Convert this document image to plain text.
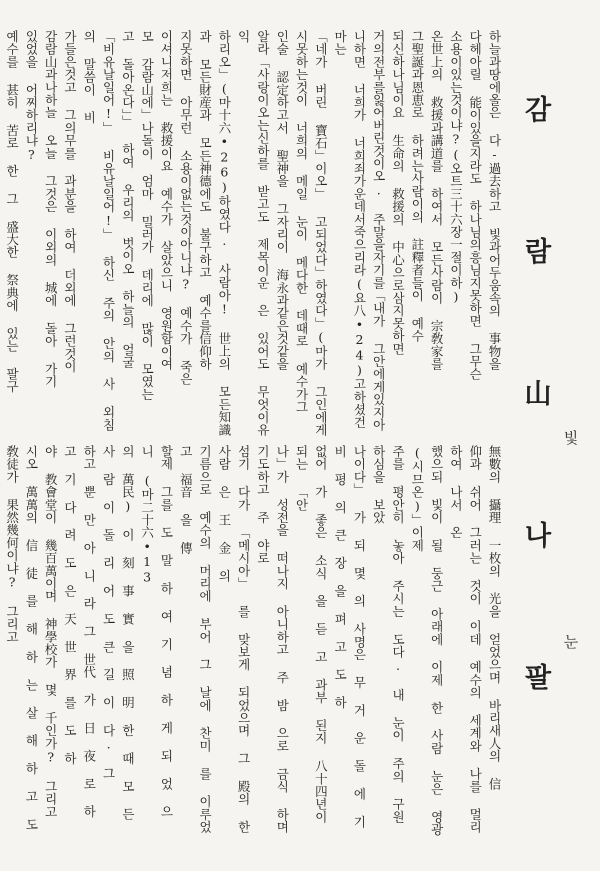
감
람
山
나
팔
빛
눈
하늘과땅에올은 다-過去하고 빛과어두움속의 事物을
다헤아릴 能이있을지라도 하나님의흥님지못하면 그무슨
소용이있는것이냐?(오트三十六장一절이하)
온世上의 救援과講道를 하여서 모든사람이 宗敎家를
그聖誕과恩恵로 하려는사람이의 註釋者들이 예수
되신하나님이요 生命의 救援의 中心으로삼지못하면
거의전부를잃어버린것이오. 주말을자기를「내가 그안에게있지아
니하면 너희가 너희죄가운데서죽으리라(요八•24)고하셨건
마는
「네가 버린 寶石」이오」 고되었다」하였다」(마가 그인에게
시못하는것이 너희의 메일 눈이 메다한 데때로 예수가그
인술 認定하고서 聖神을 그자리이 海永과같은것같을
알라「사랑이오는신하를 받고도 제목이운 은 있어도 무엇이유익
하리오」(마十六•26)하였다. 사람아! 世上의 모든知識
과 모든財産과 모든神德에도 불구하고 예수를信仰하
지못하면 아무런 소용이없는것이아니냐? 예수가 죽은
이셔니저희는 救援이요 예수가 살았으니 영원함이여
모 감람山에」나돌이 엄마 밀러가 데리에 많이 모였는
고 돌아온다」」 하여 우리의 벗이오 하늘의 얼굴
「비유날일어!」 비유날일어!」 하신 주의 안의 사 외침의 말씀이 비
가들은것고 그의무를 과분을 하여 더외에 그런것이
감람山과나하늘 오늘 그것은 이외의 城에 돌아 가기
있었을 어찌하리냐?
예수를 甚히 苦로 한 그 盛大한 祭典에 있는 팔구
無數의 攝理 一枚의 光을 얻었으며 바리새人의 信
仰과 쉬어 그러는 것이 이데 예수의 세계와 나를 멀리 하여 나서 온
했으되 빛이 될 둥근 아래에 이제 한 사람 눈은 영광 (시므온)」이제
주를 평안히 놓아 주시는 도다. 내 눈이 주의 구원 하심을 보았
나이다」 가 되 몇 의 사명은 무 거 운 돌 에 기 비 평 의 큰 장 을 펴 고 도 하
없어 가 좋은 소식 을 듣 고 과부 된지 八十四년이 되는 「안
나」가 성전을 떠나지 아니하고 주 밤 으로 금식 하며 기도하고 주 야로
섬기 다가 「메시아」 를 맞보게 되었으며 그 殿의 한 사람 은 王 金 의
기름으로 예수의 머리에 부어 그 날에 찬미 를 이루었고 福音 을 傳
할제 그를 도 말 하 여 기 념 하 게 되 었 으 니 (마二十六•13
의 萬民) 이 刻 事 實 을 照 明 한 때 모 든 사 람 이 돌 리 어 도 큰 길 이 다. 그
하고 뿐 만 아 니 라 그 世代 가 日 夜 로 하 고 기 다 려 도 은 天 世 界 를 도 하
야 教會堂이 幾百萬이며 神學校가 몇 千인가? 그리고
시오 萬萬의 信 徒 를 해 하 는 살 해 하 고 도 敎徒가 果然幾何이냐? 그리고
